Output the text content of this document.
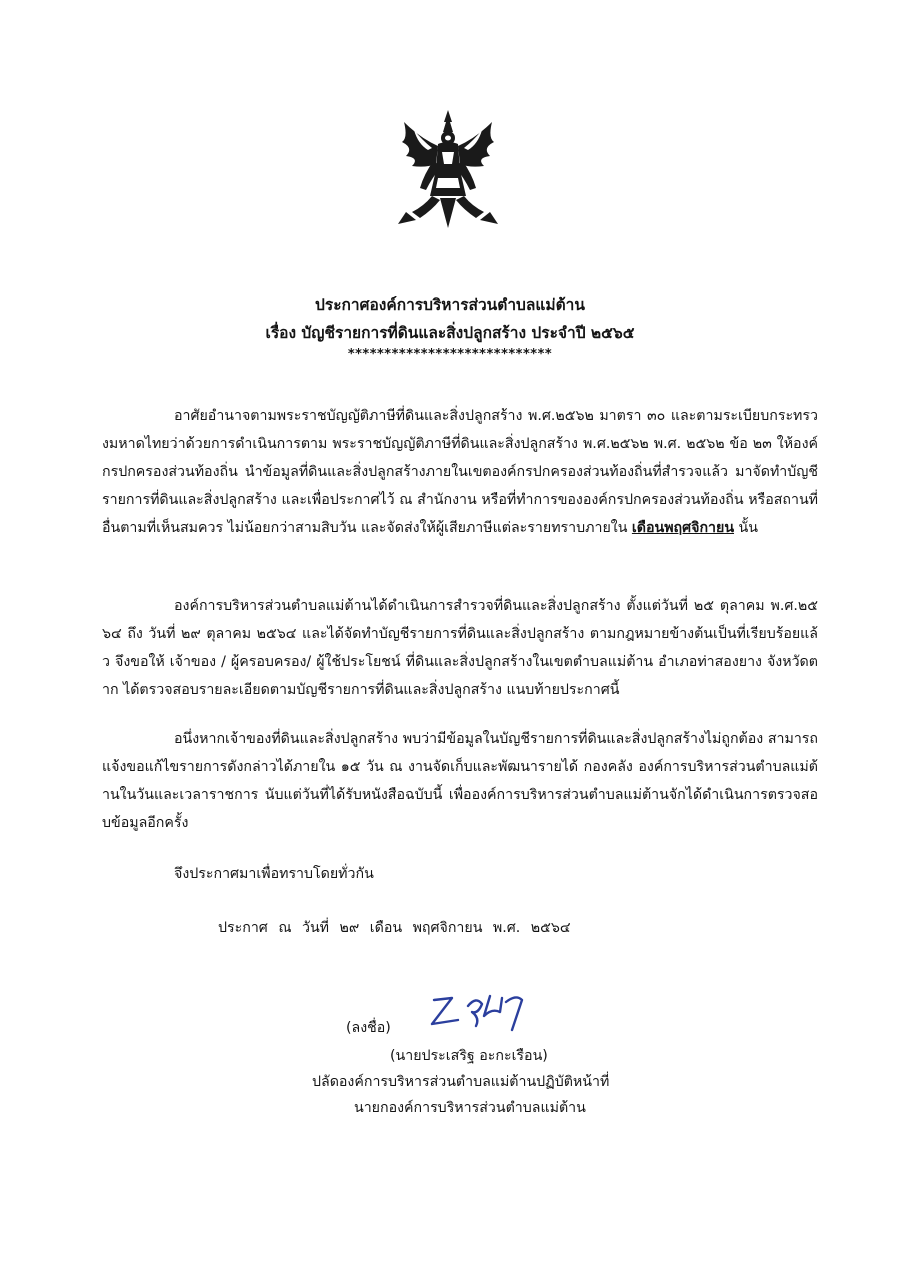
ประกาศองค์การบริหารส่วนตำบลแม่ต้าน
เรื่อง บัญชีรายการที่ดินและสิ่งปลูกสร้าง ประจำปี ๒๕๖๕
****************************
อาศัยอำนาจตามพระราชบัญญัติภาษีที่ดินและสิ่งปลูกสร้าง พ.ศ.๒๕๖๒ มาตรา ๓๐ และตามระเบียบกระทรวงมหาดไทยว่าด้วยการดำเนินการตาม พระราชบัญญัติภาษีที่ดินและสิ่งปลูกสร้าง พ.ศ.๒๕๖๒ พ.ศ. ๒๕๖๒ ข้อ ๒๓ ให้องค์กรปกครองส่วนท้องถิ่น นำข้อมูลที่ดินและสิ่งปลูกสร้างภายในเขตองค์กรปกครองส่วนท้องถิ่นที่สำรวจแล้ว มาจัดทำบัญชีรายการที่ดินและสิ่งปลูกสร้าง และเพื่อประกาศไว้ ณ สำนักงาน หรือที่ทำการขององค์กรปกครองส่วนท้องถิ่น หรือสถานที่อื่นตามที่เห็นสมควร ไม่น้อยกว่าสามสิบวัน และจัดส่งให้ผู้เสียภาษีแต่ละรายทราบภายใน เดือนพฤศจิกายน นั้น
องค์การบริหารส่วนตำบลแม่ต้านได้ดำเนินการสำรวจที่ดินและสิ่งปลูกสร้าง ตั้งแต่วันที่ ๒๕ ตุลาคม พ.ศ.๒๕๖๔ ถึง วันที่ ๒๙ ตุลาคม ๒๕๖๔ และได้จัดทำบัญชีรายการที่ดินและสิ่งปลูกสร้าง ตามกฎหมายข้างต้นเป็นที่เรียบร้อยแล้ว จึงขอให้ เจ้าของ / ผู้ครอบครอง/ ผู้ใช้ประโยชน์ ที่ดินและสิ่งปลูกสร้างในเขตตำบลแม่ต้าน อำเภอท่าสองยาง จังหวัดตาก ได้ตรวจสอบรายละเอียดตามบัญชีรายการที่ดินและสิ่งปลูกสร้าง แนบท้ายประกาศนี้
อนึ่งหากเจ้าของที่ดินและสิ่งปลูกสร้าง พบว่ามีข้อมูลในบัญชีรายการที่ดินและสิ่งปลูกสร้างไม่ถูกต้อง สามารถแจ้งขอแก้ไขรายการดังกล่าวได้ภายใน ๑๕ วัน ณ งานจัดเก็บและพัฒนารายได้ กองคลัง องค์การบริหารส่วนตำบลแม่ต้านในวันและเวลาราชการ นับแต่วันที่ได้รับหนังสือฉบับนี้ เพื่อองค์การบริหารส่วนตำบลแม่ต้านจักได้ดำเนินการตรวจสอบข้อมูลอีกครั้ง
จึงประกาศมาเพื่อทราบโดยทั่วกัน
ประกาศ ณ วันที่ ๒๙ เดือน พฤศจิกายน พ.ศ. ๒๕๖๔
(ลงชื่อ)
(นายประเสริฐ อะกะเรือน)
ปลัดองค์การบริหารส่วนตำบลแม่ต้านปฏิบัติหน้าที่
นายกองค์การบริหารส่วนตำบลแม่ต้าน
